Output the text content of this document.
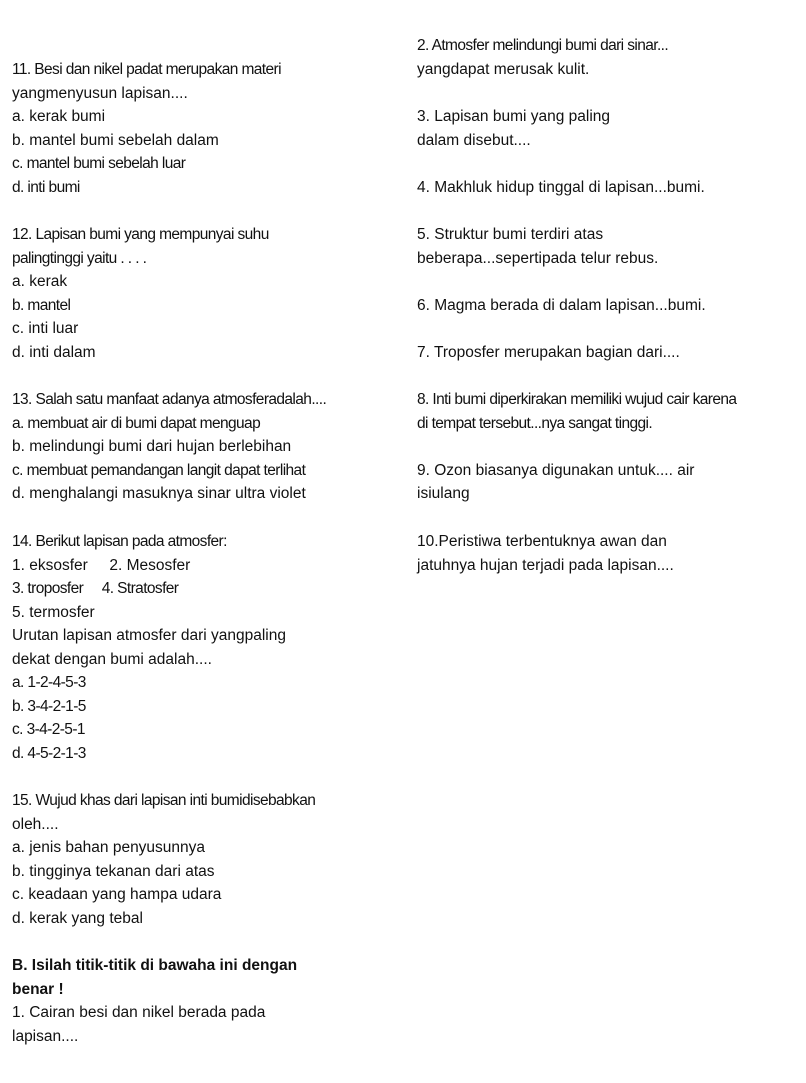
11. Besi dan nikel padat merupakan materi
yangmenyusun lapisan....
a. kerak bumi
b. mantel bumi sebelah dalam
c. mantel bumi sebelah luar
d. inti bumi
12. Lapisan bumi yang mempunyai suhu
palingtinggi yaitu . . . .
a. kerak
b. mantel
c. inti luar
d. inti dalam
13. Salah satu manfaat adanya atmosferadalah....
a. membuat air di bumi dapat menguap
b. melindungi bumi dari hujan berlebihan
c. membuat pemandangan langit dapat terlihat
d. menghalangi masuknya sinar ultra violet
14. Berikut lapisan pada atmosfer:
1. eksosfer     2. Mesosfer
3. troposfer     4. Stratosfer
5. termosfer
Urutan lapisan atmosfer dari yangpaling
dekat dengan bumi adalah....
a. 1-2-4-5-3
b. 3-4-2-1-5
c. 3-4-2-5-1
d. 4-5-2-1-3
15. Wujud khas dari lapisan inti bumidisebabkan
oleh....
a. jenis bahan penyusunnya
b. tingginya tekanan dari atas
c. keadaan yang hampa udara
d. kerak yang tebal
B. Isilah titik-titik di bawaha ini dengan
benar !
1. Cairan besi dan nikel berada pada
lapisan....
2. Atmosfer melindungi bumi dari sinar...
yangdapat merusak kulit.
3. Lapisan bumi yang paling
dalam disebut....
4. Makhluk hidup tinggal di lapisan...bumi.
5. Struktur bumi terdiri atas
beberapa...sepertipada telur rebus.
6. Magma berada di dalam lapisan...bumi.
7. Troposfer merupakan bagian dari....
8. Inti bumi diperkirakan memiliki wujud cair karena
di tempat tersebut...nya sangat tinggi.
9. Ozon biasanya digunakan untuk.... air
isiulang
10.Peristiwa terbentuknya awan dan
jatuhnya hujan terjadi pada lapisan....
